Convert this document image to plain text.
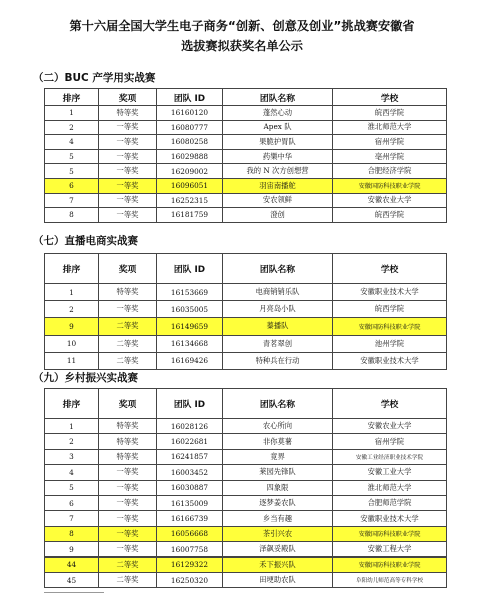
第十六届全国大学生电子商务“创新、创意及创业”挑战赛安徽省
选拔赛拟获奖名单公示
（二）BUC 产学用实战赛
排序	奖项	团队 ID	团队名称	学校
1	特等奖	16160120	蓬然心动	皖西学院
2	一等奖	16080777	Apex 队	淮北师范大学
4	一等奖	16080258	果脆护胃队	宿州学院
5	一等奖	16029888	药樂中华	亳州学院
5	一等奖	16209002	我的 N 次方创想营	合肥经济学院
6	一等奖	16096051	羽宙南播舵	安徽国防科技职业学院
7	一等奖	16252315	安农领鲜	安徽农业大学
8	一等奖	16181759	澄创	皖西学院
（七）直播电商实战赛
排序	奖项	团队 ID	团队名称	学校
1	特等奖	16153669	电商销销乐队	安徽职业技术大学
2	一等奖	16035005	月亮岛小队	皖西学院
9	二等奖	16149659	蓁播队	安徽国防科技职业学院
10	二等奖	16134668	青茗翠创	池州学院
11	二等奖	16169426	特种兵在行动	安徽职业技术大学
（九）乡村振兴实战赛
排序	奖项	团队 ID	团队名称	学校
1	特等奖	16028126	农心所向	安徽农业大学
2	特等奖	16022681	非你莫薯	宿州学院
3	特等奖	16241857	竟界	安徽工业经济职业技术学院
4	一等奖	16003452	莱园先锋队	安徽工业大学
5	一等奖	16030887	四象限	淮北师范大学
6	一等奖	16135009	逐梦姜农队	合肥师范学院
7	一等奖	16166739	乡当有趣	安徽职业技术大学
8	一等奖	16056668	茶引兴农	安徽国防科技职业学院
9	一等奖	16007758	泽飙妥殿队	安徽工程大学
44	二等奖	16129322	禾下振兴队	安徽国防科技职业学院
45	二等奖	16250320	田埂助农队	阜阳幼儿师范高等专科学校
